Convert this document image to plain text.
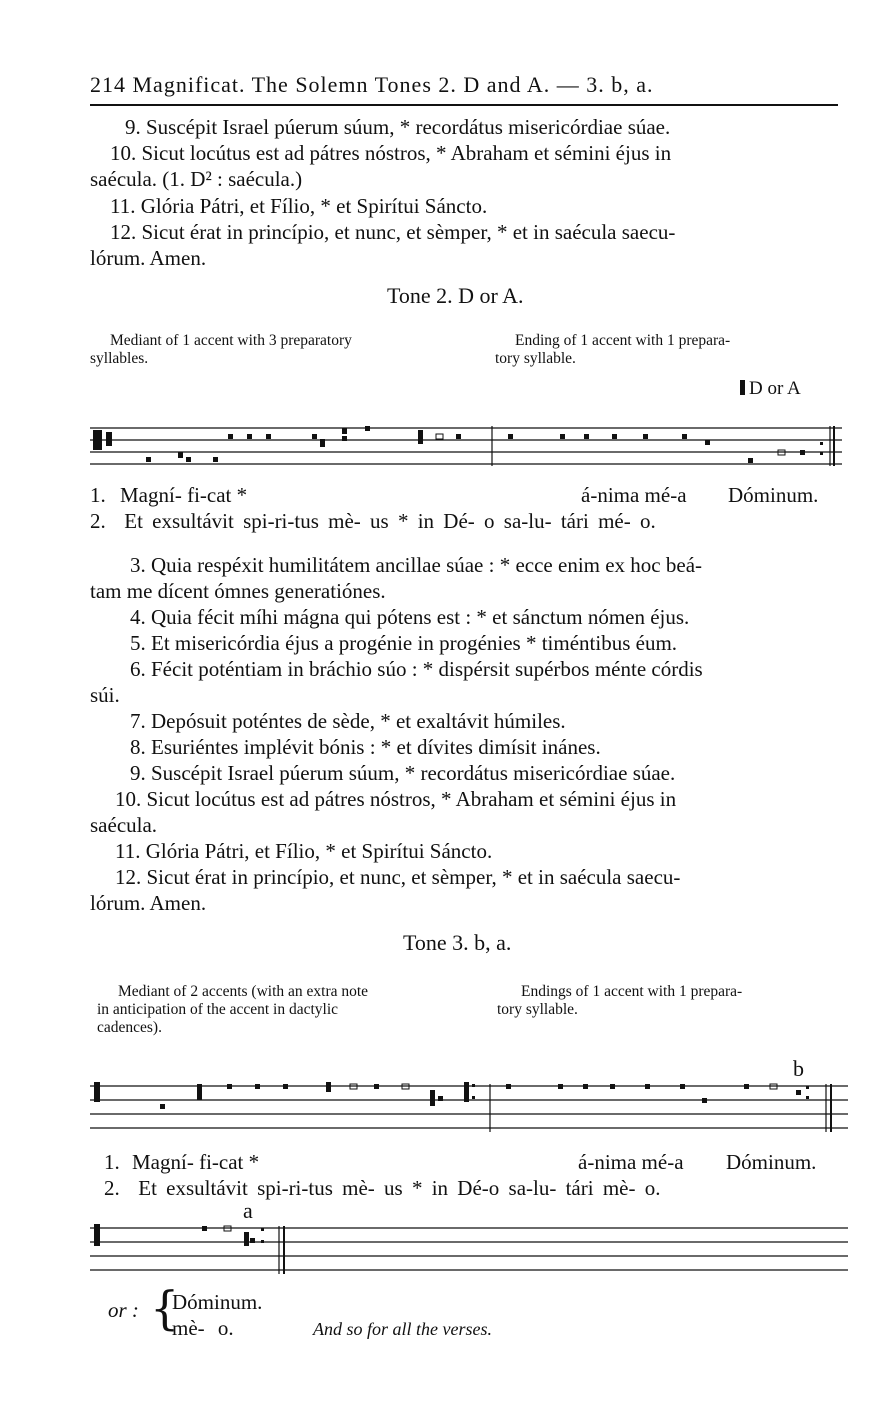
214 Magnificat. The Solemn Tones 2. D and A. — 3. b, a.
9. Suscépit Israel púerum súum, * recordátus misericórdiae súae.
10. Sicut locútus est ad pátres nóstros, * Abraham et sémini éjus in
saécula. (1. D² : saécula.)
11. Glória Pátri, et Fílio, * et Spirítui Sáncto.
12. Sicut érat in princípio, et nunc, et sèmper, * et in saécula saecu-
lórum. Amen.
Tone 2. D or A.
Mediant of 1 accent with 3 preparatory
syllables.
Ending of 1 accent with 1 prepara-
tory syllable.
D or A
1. Magní- fi-cat *	á-nima mé-a Dóminum.
2. Et exsultávit spi-ri-tus mè- us * in Dé- o sa-lu- tári mé- o.
3. Quia respéxit humilitátem ancillae súae : * ecce enim ex hoc beá-
tam me dícent ómnes generatiónes.
4. Quia fécit míhi mágna qui pótens est : * et sánctum nómen éjus.
5. Et misericórdia éjus a progénie in progénies * timéntibus éum.
6. Fécit poténtiam in bráchio súo : * dispérsit supérbos ménte córdis
súi.
7. Depósuit poténtes de sède, * et exaltávit húmiles.
8. Esuriéntes implévit bónis : * et dívites dimísit inánes.
9. Suscépit Israel púerum súum, * recordátus misericórdiae súae.
10. Sicut locútus est ad pátres nóstros, * Abraham et sémini éjus in
saécula.
11. Glória Pátri, et Fílio, * et Spirítui Sáncto.
12. Sicut érat in princípio, et nunc, et sèmper, * et in saécula saecu-
lórum. Amen.
Tone 3. b, a.
Mediant of 2 accents (with an extra note
in anticipation of the accent in dactylic
cadences).
Endings of 1 accent with 1 prepara-
tory syllable.
b
1. Magní- fi-cat *	á-nima mé-a Dóminum.
2. Et exsultávit spi-ri-tus mè- us * in Dé-o sa-lu- tári mè- o.
a
or : {
Dóminum.
mè- o.	And so for all the verses.
